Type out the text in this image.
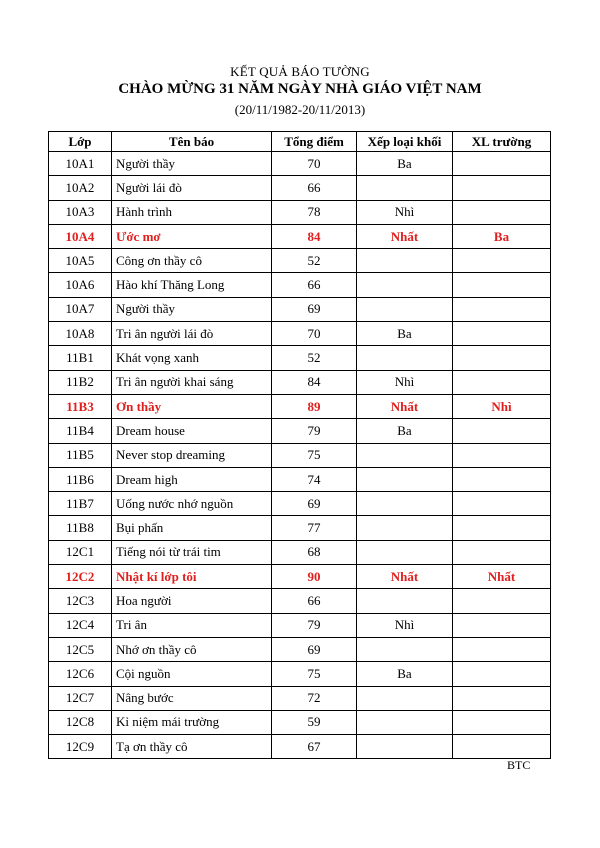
KẾT QUẢ BÁO TƯỜNG
CHÀO MỪNG 31 NĂM NGÀY NHÀ GIÁO VIỆT NAM
(20/11/1982-20/11/2013)
Lớp	Tên báo	Tổng điểm	Xếp loại khối	XL trường
10A1	Người thầy	70	Ba	
10A2	Người lái đò	66		
10A3	Hành trình	78	Nhì	
10A4	Ước mơ	84	Nhất	Ba
10A5	Công ơn thầy cô	52		
10A6	Hào khí Thăng Long	66		
10A7	Người thầy	69		
10A8	Tri ân người lái đò	70	Ba	
11B1	Khát vọng xanh	52		
11B2	Tri ân người khai sáng	84	Nhì	
11B3	Ơn thầy	89	Nhất	Nhì
11B4	Dream house	79	Ba	
11B5	Never stop dreaming	75		
11B6	Dream high	74		
11B7	Uống nước nhớ nguồn	69		
11B8	Bụi phấn	77		
12C1	Tiếng nói từ trái tim	68		
12C2	Nhật kí lớp tôi	90	Nhất	Nhất
12C3	Hoa người	66		
12C4	Tri ân	79	Nhì	
12C5	Nhớ ơn thầy cô	69		
12C6	Cội nguồn	75	Ba	
12C7	Nâng bước	72		
12C8	Kỉ niệm mái trường	59		
12C9	Tạ ơn thầy cô	67		
BTC
